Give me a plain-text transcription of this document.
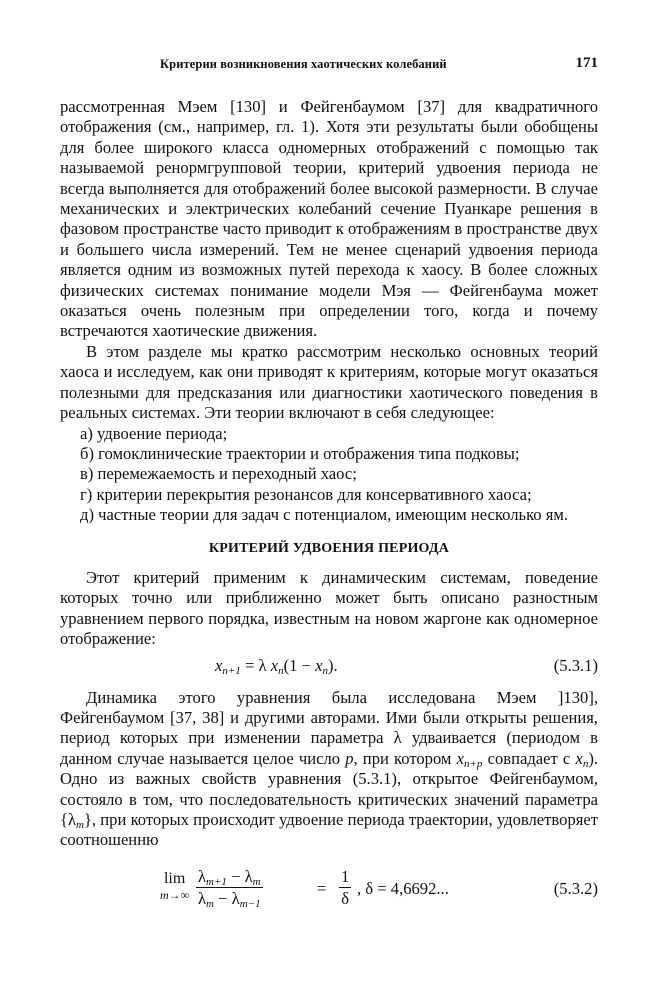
Критерии возникновения хаотических колебаний	171

рассмотренная Мэем [130] и Фейгенбаумом [37] для квадратичного отображения (см., например, гл. 1). Хотя эти результаты были обобщены для более широкого класса одномерных отображений с помощью так называемой ренормгрупповой теории, критерий удвоения периода не всегда выполняется для отображений более высокой размерности. В случае механических и электрических колебаний сечение Пуанкаре решения в фазовом пространстве часто приводит к отображениям в пространстве двух и большего числа измерений. Тем не менее сценарий удвоения периода является одним из возможных путей перехода к хаосу. В более сложных физических системах понимание модели Мэя — Фейгенбаума может оказаться очень полезным при определении того, когда и почему встречаются хаотические движения.

В этом разделе мы кратко рассмотрим несколько основных теорий хаоса и исследуем, как они приводят к критериям, которые могут оказаться полезными для предсказания или диагностики хаотического поведения в реальных системах. Эти теории включают в себя следующее:

а) удвоение периода;
б) гомоклинические траектории и отображения типа подковы;
в) перемежаемость и переходный хаос;
г) критерии перекрытия резонансов для консервативного хаоса;
д) частные теории для задач с потенциалом, имеющим несколько ям.
КРИТЕРИЙ УДВОЕНИЯ ПЕРИОДА

Этот критерий применим к динамическим системам, поведение которых точно или приближенно может быть описано разностным уравнением первого порядка, известным на новом жаргоне как одномерное отображение:

$x_{n+1} = \lambda$ $x_n(1 - x_n)$.	(5.3.1)

Динамика этого уравнения была исследована Мэем ]130], Фейгенбаумом [37, 38] и другими авторами. Ими были открыты решения, период которых при изменении параметра λ удваивается (периодом в данном случае называется целое число p, при котором $x_{n+p}$ совпадает с $x_n$). Одно из важных свойств уравнения (5.3.1), открытое Фейгенбаумом, состояло в том, что последовательность критических значений параметра $\{\lambda_m\}$, при которых происходит удвоение периода траектории, удовлетворяет соотношенню

lim
$m\to\infty \frac{\lambda_{m+1} - \lambda_m}{\lambda_m - \lambda_{m-1}}$	= $\frac{1}{\delta}$ , δ = 4,6692...	(5.3.2)
